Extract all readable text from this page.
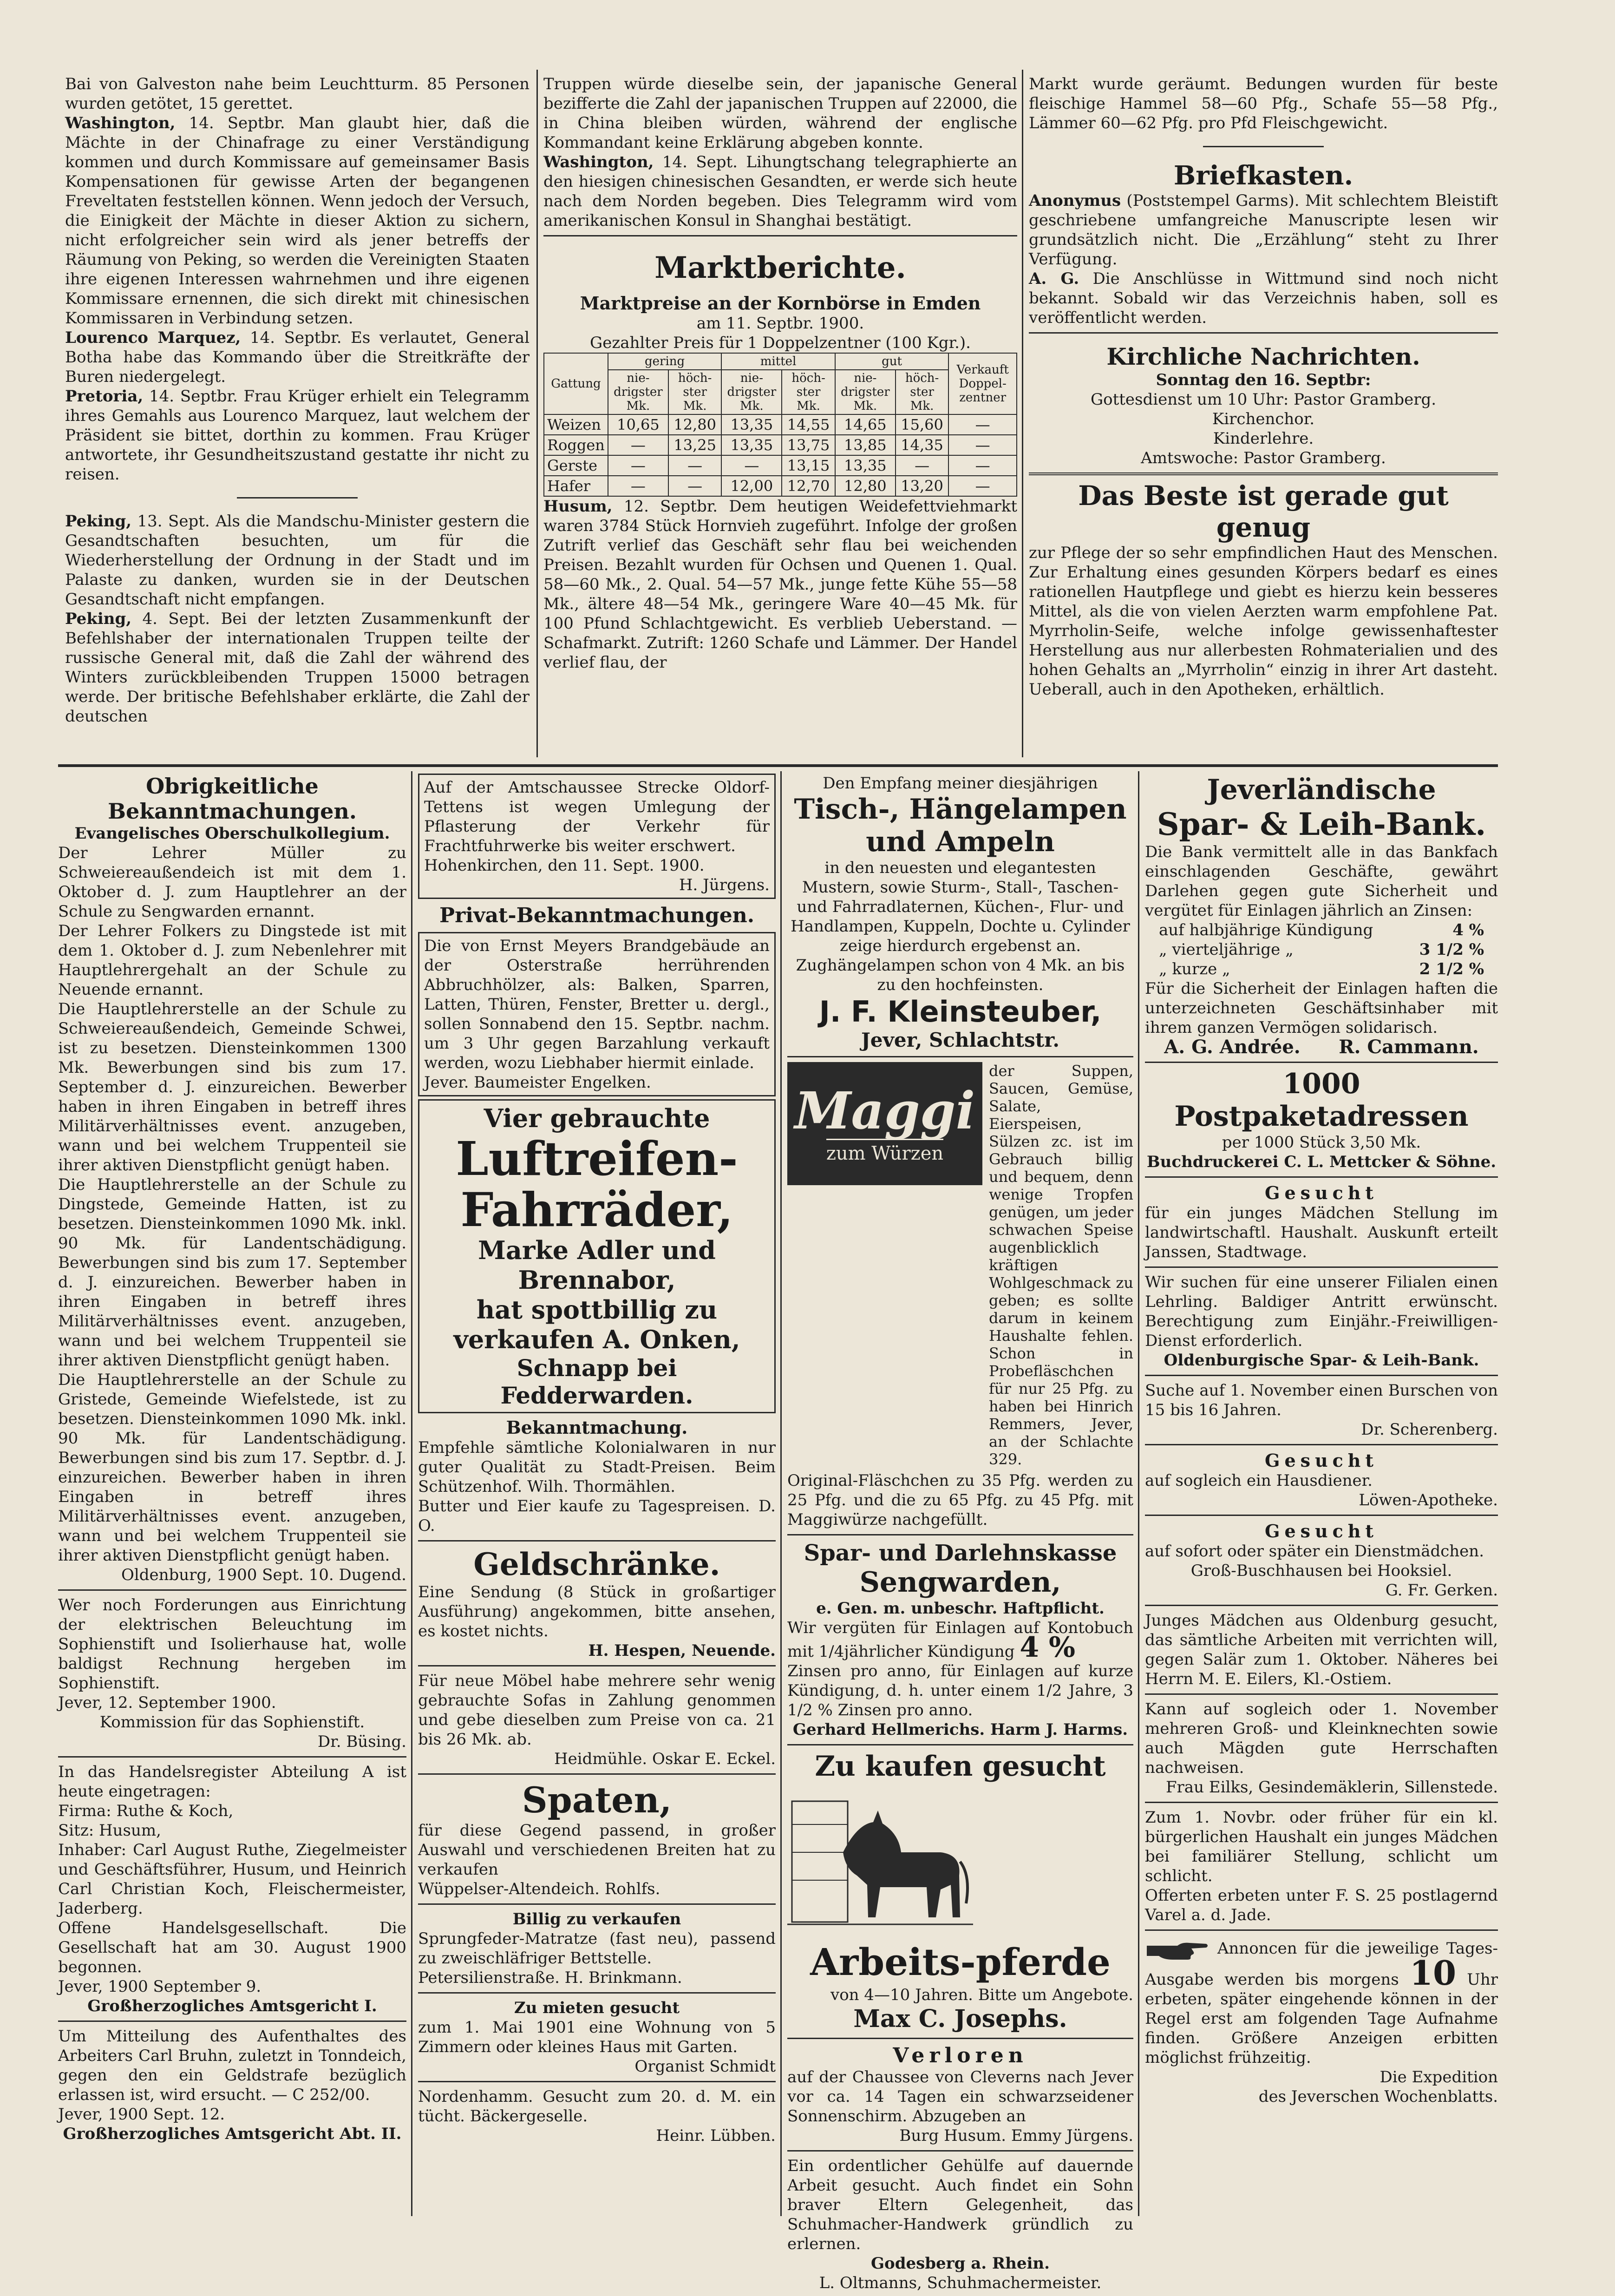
Bai von Galveston nahe beim Leuchtturm. 85 Personen wurden getötet, 15 gerettet.

Washington, 14. Septbr. Man glaubt hier, daß die Mächte in der Chinafrage zu einer Verständigung kommen und durch Kommissare auf gemeinsamer Basis Kompensationen für gewisse Arten der begangenen Freveltaten feststellen können. Wenn jedoch der Versuch, die Einigkeit der Mächte in dieser Aktion zu sichern, nicht erfolgreicher sein wird als jener betreffs der Räumung von Peking, so werden die Vereinigten Staaten ihre eigenen Interessen wahrnehmen und ihre eigenen Kommissare ernennen, die sich direkt mit chinesischen Kommissaren in Verbindung setzen.

Lourenco Marquez, 14. Septbr. Es verlautet, General Botha habe das Kommando über die Streitkräfte der Buren niedergelegt.

Pretoria, 14. Septbr. Frau Krüger erhielt ein Telegramm ihres Gemahls aus Lourenco Marquez, laut welchem der Präsident sie bittet, dorthin zu kommen. Frau Krüger antwortete, ihr Gesundheitszustand gestatte ihr nicht zu reisen.

Peking, 13. Sept. Als die Mandschu-Minister gestern die Gesandtschaften besuchten, um für die Wiederherstellung der Ordnung in der Stadt und im Palaste zu danken, wurden sie in der Deutschen Gesandtschaft nicht empfangen.

Peking, 4. Sept. Bei der letzten Zusammenkunft der Befehlshaber der internationalen Truppen teilte der russische General mit, daß die Zahl der während des Winters zurückbleibenden Truppen 15000 betragen werde. Der britische Befehlshaber erklärte, die Zahl der deutschen

Truppen würde dieselbe sein, der japanische General bezifferte die Zahl der japanischen Truppen auf 22000, die in China bleiben würden, während der englische Kommandant keine Erklärung abgeben konnte.

Washington, 14. Sept. Lihungtschang telegraphierte an den hiesigen chinesischen Gesandten, er werde sich heute nach dem Norden begeben. Dies Telegramm wird vom amerikanischen Konsul in Shanghai bestätigt.

Marktberichte.
Marktpreise an der Kornbörse in Emden

am 11. Septbr. 1900.

Gezahlter Preis für 1 Doppelzentner (100 Kgr.).

Gattung	gering		mittel		gut		Verkauft Doppel-zentner
	nie-drigster Mk.	höch-ster Mk.	nie-drigster Mk.	höch-ster Mk.	nie-drigster Mk.	höch-ster Mk.	
Weizen	10,65	12,80	13,35	14,55	14,65	15,60	—
Roggen	—	13,25	13,35	13,75	13,85	14,35	—
Gerste	—	—	—	13,15	13,35	—	—
Hafer	—	—	12,00	12,70	12,80	13,20	—

Husum, 12. Septbr. Dem heutigen Weidefettviehmarkt waren 3784 Stück Hornvieh zugeführt. Infolge der großen Zutrift verlief das Geschäft sehr flau bei weichenden Preisen. Bezahlt wurden für Ochsen und Quenen 1. Qual. 58—60 Mk., 2. Qual. 54—57 Mk., junge fette Kühe 55—58 Mk., ältere 48—54 Mk., geringere Ware 40—45 Mk. für 100 Pfund Schlachtgewicht. Es verblieb Ueberstand. — Schafmarkt. Zutrift: 1260 Schafe und Lämmer. Der Handel verlief flau, der

Markt wurde geräumt. Bedungen wurden für beste fleischige Hammel 58—60 Pfg., Schafe 55—58 Pfg., Lämmer 60—62 Pfg. pro Pfd Fleischgewicht.

Briefkasten.

Anonymus (Poststempel Garms). Mit schlechtem Bleistift geschriebene umfangreiche Manuscripte lesen wir grundsätzlich nicht. Die „Erzählung“ steht zu Ihrer Verfügung.

A. G. Die Anschlüsse in Wittmund sind noch nicht bekannt. Sobald wir das Verzeichnis haben, soll es veröffentlicht werden.

Kirchliche Nachrichten.

Sonntag den 16. Septbr:

Gottesdienst um 10 Uhr: Pastor Gramberg.

Kirchenchor.

Kinderlehre.

Amtswoche: Pastor Gramberg.

Das Beste ist gerade gut genug

zur Pflege der so sehr empfindlichen Haut des Menschen. Zur Erhaltung eines gesunden Körpers bedarf es eines rationellen Hautpflege und giebt es hierzu kein besseres Mittel, als die von vielen Aerzten warm empfohlene Pat. Myrrholin-Seife, welche infolge gewissenhaftester Herstellung aus nur allerbesten Rohmaterialien und des hohen Gehalts an „Myrrholin“ einzig in ihrer Art dasteht. Ueberall, auch in den Apotheken, erhältlich.

Obrigkeitliche Bekanntmachungen.

Evangelisches Oberschulkollegium.

Der Lehrer Müller zu Schweiereaußendeich ist mit dem 1. Oktober d. J. zum Hauptlehrer an der Schule zu Sengwarden ernannt.

Der Lehrer Folkers zu Dingstede ist mit dem 1. Oktober d. J. zum Nebenlehrer mit Hauptlehrergehalt an der Schule zu Neuende ernannt.

Die Hauptlehrerstelle an der Schule zu Schweiereaußendeich, Gemeinde Schwei, ist zu besetzen. Diensteinkommen 1300 Mk. Bewerbungen sind bis zum 17. September d. J. einzureichen. Bewerber haben in ihren Eingaben in betreff ihres Militärverhältnisses event. anzugeben, wann und bei welchem Truppenteil sie ihrer aktiven Dienstpflicht genügt haben.

Die Hauptlehrerstelle an der Schule zu Dingstede, Gemeinde Hatten, ist zu besetzen. Diensteinkommen 1090 Mk. inkl. 90 Mk. für Landentschädigung. Bewerbungen sind bis zum 17. September d. J. einzureichen. Bewerber haben in ihren Eingaben in betreff ihres Militärverhältnisses event. anzugeben, wann und bei welchem Truppenteil sie ihrer aktiven Dienstpflicht genügt haben.

Die Hauptlehrerstelle an der Schule zu Gristede, Gemeinde Wiefelstede, ist zu besetzen. Diensteinkommen 1090 Mk. inkl. 90 Mk. für Landentschädigung. Bewerbungen sind bis zum 17. Septbr. d. J. einzureichen. Bewerber haben in ihren Eingaben in betreff ihres Militärverhältnisses event. anzugeben, wann und bei welchem Truppenteil sie ihrer aktiven Dienstpflicht genügt haben.

Oldenburg, 1900 Sept. 10. Dugend.

Wer noch Forderungen aus Einrichtung der elektrischen Beleuchtung im Sophienstift und Isolierhause hat, wolle baldigst Rechnung hergeben im Sophienstift.

Jever, 12. September 1900.

Kommission für das Sophienstift.

Dr. Büsing.

In das Handelsregister Abteilung A ist heute eingetragen:

Firma: Ruthe & Koch,

Sitz: Husum,

Inhaber: Carl August Ruthe, Ziegelmeister und Geschäftsführer, Husum, und Heinrich Carl Christian Koch, Fleischermeister, Jaderberg.

Offene Handelsgesellschaft. Die Gesellschaft hat am 30. August 1900 begonnen.

Jever, 1900 September 9.

Großherzogliches Amtsgericht I.

Um Mitteilung des Aufenthaltes des Arbeiters Carl Bruhn, zuletzt in Tonndeich, gegen den ein Geldstrafe bezüglich erlassen ist, wird ersucht. — C 252/00.

Jever, 1900 Sept. 12.

Großherzogliches Amtsgericht Abt. II.

Auf der Amtschaussee Strecke Oldorf-Tettens ist wegen Umlegung der Pflasterung der Verkehr für Frachtfuhrwerke bis weiter erschwert.

Hohenkirchen, den 11. Sept. 1900.

H. Jürgens.

Privat-Bekanntmachungen.

Die von Ernst Meyers Brandgebäude an der Osterstraße herrührenden Abbruchhölzer, als: Balken, Sparren, Latten, Thüren, Fenster, Bretter u. dergl., sollen Sonnabend den 15. Septbr. nachm. um 3 Uhr gegen Barzahlung verkauft werden, wozu Liebhaber hiermit einlade.

Jever. Baumeister Engelken.

Vier gebrauchte
Luftreifen-
Fahrräder,
Marke Adler und Brennabor,
hat spottbillig zu verkaufen A. Onken,
Schnapp bei Fedderwarden.
Bekanntmachung.

Empfehle sämtliche Kolonialwaren in nur guter Qualität zu Stadt-Preisen. Beim Schützenhof. Wilh. Thormählen.

Butter und Eier kaufe zu Tagespreisen. D. O.

Geldschränke.

Eine Sendung (8 Stück in großartiger Ausführung) angekommen, bitte ansehen, es kostet nichts.

H. Hespen, Neuende.

Für neue Möbel habe mehrere sehr wenig gebrauchte Sofas in Zahlung genommen und gebe dieselben zum Preise von ca. 21 bis 26 Mk. ab.

Heidmühle. Oskar E. Eckel.

Spaten,

für diese Gegend passend, in großer Auswahl und verschiedenen Breiten hat zu verkaufen

Wüppelser-Altendeich. Rohlfs.

Billig zu verkaufen

Sprungfeder-Matratze (fast neu), passend zu zweischläfriger Bettstelle.

Petersilienstraße. H. Brinkmann.

Zu mieten gesucht

zum 1. Mai 1901 eine Wohnung von 5 Zimmern oder kleines Haus mit Garten.

Organist Schmidt

Nordenhamm. Gesucht zum 20. d. M. ein tücht. Bäckergeselle.

Heinr. Lübben.

Den Empfang meiner diesjährigen

Tisch-, Hängelampen und Ampeln

in den neuesten und elegantesten Mustern, sowie Sturm-, Stall-, Taschen- und Fahrradlaternen, Küchen-, Flur- und Handlampen, Kuppeln, Dochte u. Cylinder zeige hierdurch ergebenst an.

Zughängelampen schon von 4 Mk. an bis zu den hochfeinsten.

J. F. Kleinsteuber,
Jever, Schlachtstr.
Maggi
zum Würzen

der Suppen, Saucen, Gemüse, Salate, Eierspeisen, Sülzen zc. ist im Gebrauch billig und bequem, denn wenige Tropfen genügen, um jeder schwachen Speise augenblicklich kräftigen Wohlgeschmack zu geben; es sollte darum in keinem Haushalte fehlen. Schon in Probefläschchen für nur 25 Pfg. zu haben bei Hinrich Remmers, Jever, an der Schlachte 329.

Original-Fläschchen zu 35 Pfg. werden zu 25 Pfg. und die zu 65 Pfg. zu 45 Pfg. mit Maggiwürze nachgefüllt.

Spar- und Darlehnskasse
Sengwarden,

e. Gen. m. unbeschr. Haftpflicht.

Wir vergüten für Einlagen auf Kontobuch mit 1/4jährlicher Kündigung 4 %

Zinsen pro anno, für Einlagen auf kurze Kündigung, d. h. unter einem 1/2 Jahre, 3 1/2 % Zinsen pro anno.

Gerhard Hellmerichs. Harm J. Harms.

Zu kaufen gesucht
Arbeits-pferde

von 4—10 Jahren. Bitte um Angebote.

Max C. Josephs.
Verloren

auf der Chaussee von Cleverns nach Jever vor ca. 14 Tagen ein schwarzseidener Sonnenschirm. Abzugeben an

Burg Husum. Emmy Jürgens.

Ein ordentlicher Gehülfe auf dauernde Arbeit gesucht. Auch findet ein Sohn braver Eltern Gelegenheit, das Schuhmacher-Handwerk gründlich zu erlernen.

Godesberg a. Rhein.

L. Oltmanns, Schuhmachermeister.

Jeverländische
Spar- & Leih-Bank.

Die Bank vermittelt alle in das Bankfach einschlagenden Geschäfte, gewährt Darlehen gegen gute Sicherheit und vergütet für Einlagen jährlich an Zinsen:

auf halbjährige Kündigung	4 %

„ vierteljährige „	3 1/2 %

„ kurze „	2 1/2 %

Für die Sicherheit der Einlagen haften die unterzeichneten Geschäftsinhaber mit ihrem ganzen Vermögen solidarisch.

A. G. Andrée. R. Cammann.

1000 Postpaketadressen

per 1000 Stück 3,50 Mk.

Buchdruckerei C. L. Mettcker & Söhne.

Gesucht

für ein junges Mädchen Stellung im landwirtschaftl. Haushalt. Auskunft erteilt Janssen, Stadtwage.

Wir suchen für eine unserer Filialen einen Lehrling. Baldiger Antritt erwünscht. Berechtigung zum Einjähr.-Freiwilligen-Dienst erforderlich.

Oldenburgische Spar- & Leih-Bank.

Suche auf 1. November einen Burschen von 15 bis 16 Jahren.

Dr. Scherenberg.

Gesucht

auf sogleich ein Hausdiener.

Löwen-Apotheke.

Gesucht

auf sofort oder später ein Dienstmädchen.

Groß-Buschhausen bei Hooksiel.

G. Fr. Gerken.

Junges Mädchen aus Oldenburg gesucht, das sämtliche Arbeiten mit verrichten will, gegen Salär zum 1. Oktober. Näheres bei Herrn M. E. Eilers, Kl.-Ostiem.

Kann auf sogleich oder 1. November mehreren Groß- und Kleinknechten sowie auch Mägden gute Herrschaften nachweisen.

Frau Eilks, Gesindemäklerin, Sillenstede.

Zum 1. Novbr. oder früher für ein kl. bürgerlichen Haushalt ein junges Mädchen bei familiärer Stellung, schlicht um schlicht.

Offerten erbeten unter F. S. 25 postlagernd Varel a. d. Jade.

Annoncen für die jeweilige Tages-Ausgabe werden bis morgens 10 Uhr erbeten, später eingehende können in der Regel erst am folgenden Tage Aufnahme finden. Größere Anzeigen erbitten möglichst frühzeitig.

Die Expedition

des Jeverschen Wochenblatts.
